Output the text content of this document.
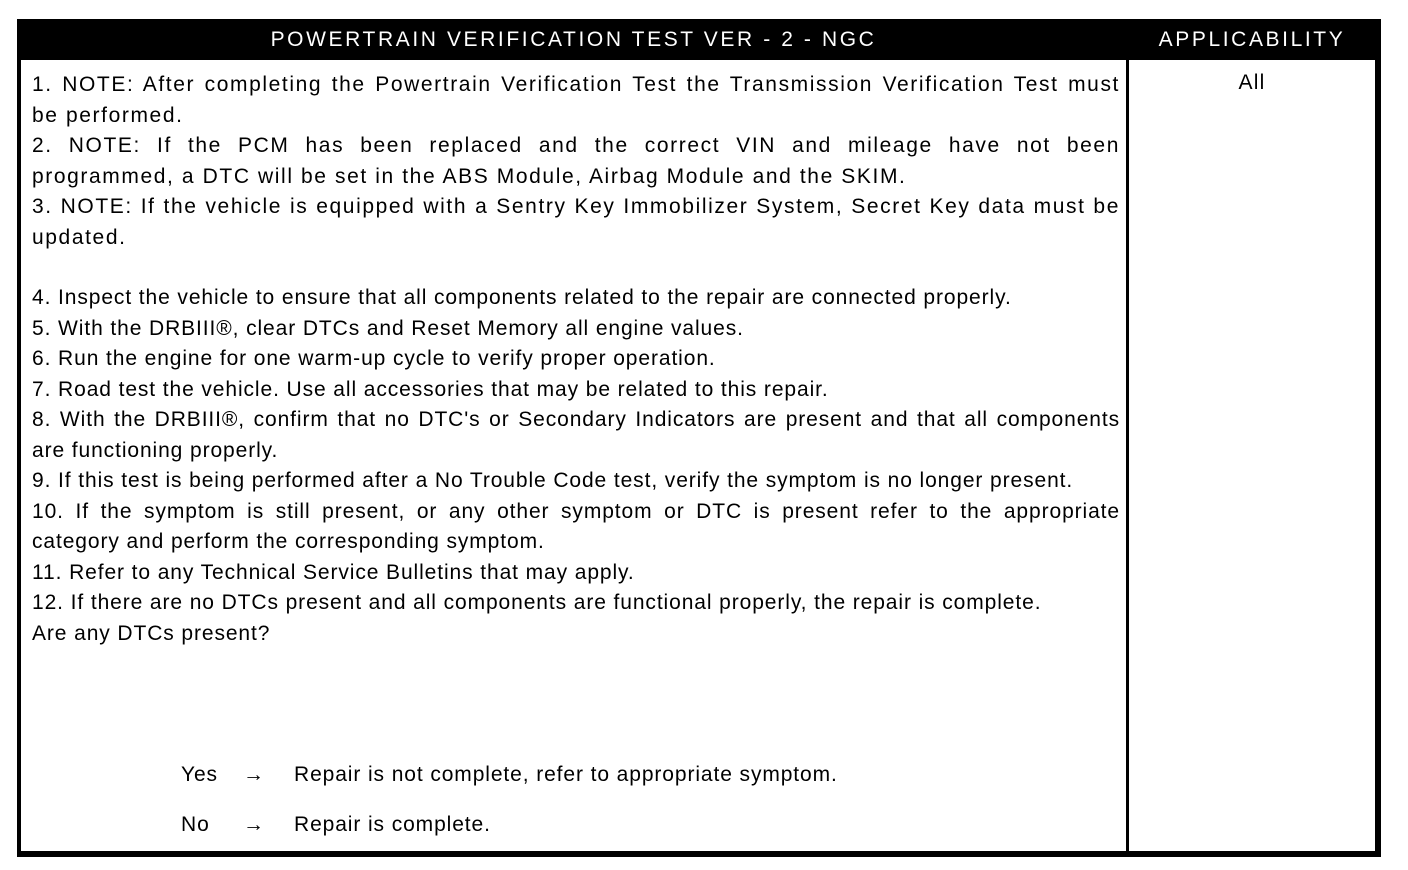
POWERTRAIN VERIFICATION TEST VER - 2 - NGC	APPLICABILITY

1. NOTE: After completing the Powertrain Verification Test the Transmission Verification Test must be performed.

2. NOTE: If the PCM has been replaced and the correct VIN and mileage have not been programmed, a DTC will be set in the ABS Module, Airbag Module and the SKIM.

3. NOTE: If the vehicle is equipped with a Sentry Key Immobilizer System, Secret Key data must be updated.

4. Inspect the vehicle to ensure that all components related to the repair are connected properly.

5. With the DRBIII®, clear DTCs and Reset Memory all engine values.

6. Run the engine for one warm-up cycle to verify proper operation.

7. Road test the vehicle. Use all accessories that may be related to this repair.

8. With the DRBIII®, confirm that no DTC's or Secondary Indicators are present and that all components are functioning properly.

9. If this test is being performed after a No Trouble Code test, verify the symptom is no longer present.

10. If the symptom is still present, or any other symptom or DTC is present refer to the appropriate category and perform the corresponding symptom.

11. Refer to any Technical Service Bulletins that may apply.

12. If there are no DTCs present and all components are functional properly, the repair is complete.

Are any DTCs present?

Yes → Repair is not complete, refer to appropriate symptom.
No → Repair is complete.
All
